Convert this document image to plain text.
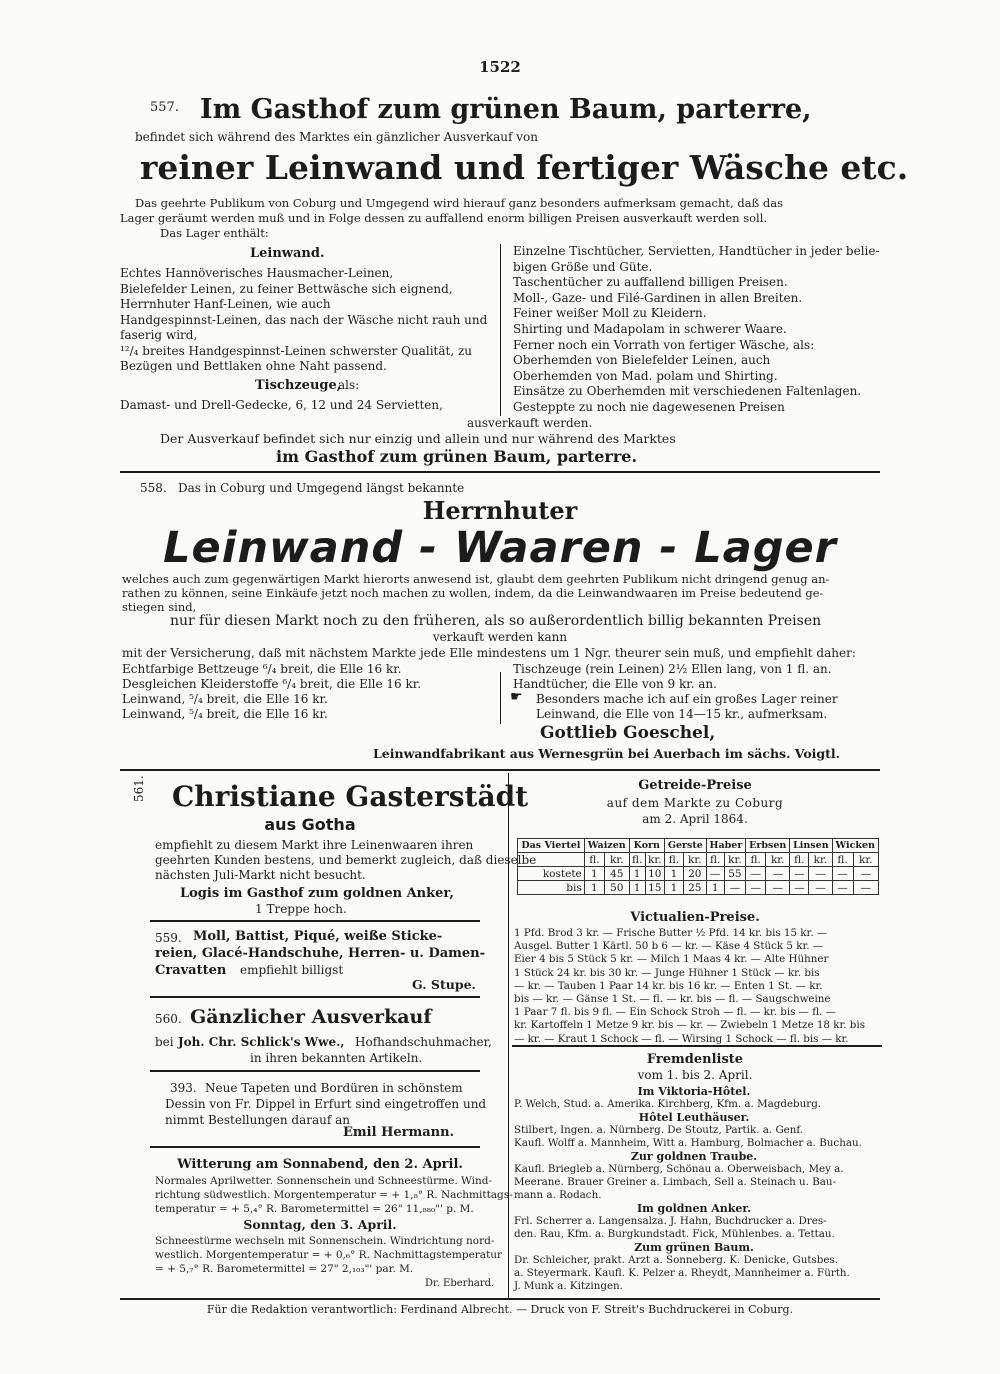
1522
557. Im Gasthof zum grünen Baum, parterre,
befindet sich während des Marktes ein gänzlicher Ausverkauf von
reiner Leinwand und fertiger Wäsche etc.
Das geehrte Publikum von Coburg und Umgegend wird hierauf ganz besonders aufmerksam gemacht, daß das
Lager geräumt werden muß und in Folge dessen zu auffallend enorm billigen Preisen ausverkauft werden soll.
Das Lager enthält:
Leinwand.
Echtes Hannöverisches Hausmacher-Leinen,
Bielefelder Leinen, zu feiner Bettwäsche sich eignend,
Herrnhuter Hanf-Leinen, wie auch
Handgespinnst-Leinen, das nach der Wäsche nicht rauh und
faserig wird,
¹²/₄ breites Handgespinnst-Leinen schwerster Qualität, zu
Bezügen und Bettlaken ohne Naht passend.
Tischzeuge,
als:
Damast- und Drell-Gedecke, 6, 12 und 24 Servietten,
Einzelne Tischtücher, Servietten, Handtücher in jeder belie-
bigen Größe und Güte.
Taschentücher zu auffallend billigen Preisen.
Moll-, Gaze- und Filé-Gardinen in allen Breiten.
Feiner weißer Moll zu Kleidern.
Shirting und Madapolam in schwerer Waare.
Ferner noch ein Vorrath von fertiger Wäsche, als:
Oberhemden von Bielefelder Leinen, auch
Oberhemden von Mad. polam und Shirting.
Einsätze zu Oberhemden mit verschiedenen Faltenlagen.
Gesteppte zu noch nie dagewesenen Preisen
ausverkauft werden.
Der Ausverkauf befindet sich nur einzig und allein und nur während des Marktes
im Gasthof zum grünen Baum, parterre.
558. Das in Coburg und Umgegend längst bekannte
Herrnhuter
Leinwand - Waaren - Lager
welches auch zum gegenwärtigen Markt hierorts anwesend ist, glaubt dem geehrten Publikum nicht dringend genug an-
rathen zu können, seine Einkäufe jetzt noch machen zu wollen, indem, da die Leinwandwaaren im Preise bedeutend ge-
stiegen sind,
nur für diesen Markt noch zu den früheren, als so außerordentlich billig bekannten Preisen
verkauft werden kann
mit der Versicherung, daß mit nächstem Markte jede Elle mindestens um 1 Ngr. theurer sein muß, und empfiehlt daher:
Echtfarbige Bettzeuge ⁶/₄ breit, die Elle 16 kr.
Desgleichen Kleiderstoffe ⁶/₄ breit, die Elle 16 kr.
Leinwand, ⁵/₄ breit, die Elle 16 kr.
Leinwand, ⁵/₄ breit, die Elle 16 kr.
Tischzeuge (rein Leinen) 2½ Ellen lang, von 1 fl. an.
Handtücher, die Elle von 9 kr. an.
☛ Besonders mache ich auf ein großes Lager reiner
Leinwand, die Elle von 14—15 kr., aufmerksam.
Gottlieb Goeschel,
Leinwandfabrikant aus Wernesgrün bei Auerbach im sächs. Voigtl.
561. Christiane Gasterstädt
aus Gotha
empfiehlt zu diesem Markt ihre Leinenwaaren ihren
geehrten Kunden bestens, und bemerkt zugleich, daß dieselbe
nächsten Juli-Markt nicht besucht.
Logis im Gasthof zum goldnen Anker,
1 Treppe hoch.
559. Moll, Battist, Piqué, weiße Sticke-
reien, Glacé-Handschuhe, Herren- u. Damen-
Cravatten empfiehlt billigst
G. Stupe.
560. Gänzlicher Ausverkauf
bei Joh. Chr. Schlick's Wwe., Hofhandschuhmacher,
in ihren bekannten Artikeln.
393. Neue Tapeten und Bordüren in schönstem
Dessin von Fr. Dippel in Erfurt sind eingetroffen und
nimmt Bestellungen darauf an
Emil Hermann.
Witterung am Sonnabend, den 2. April.
Normales Aprilwetter. Sonnenschein und Schneestürme. Wind-
richtung südwestlich. Morgentemperatur = + 1,₈° R. Nachmittags-
temperatur = + 5,₄° R. Barometermittel = 26" 11,₈₈₀"' p. M.
Sonntag, den 3. April.
Schneestürme wechseln mit Sonnenschein. Windrichtung nord-
westlich. Morgentemperatur = + 0,₆° R. Nachmittagstemperatur
= + 5,₇° R. Barometermittel = 27" 2,₁₀₃"' par. M.
Dr. Eberhard.
Getreide-Preise
auf dem Markte zu Coburg
am 2. April 1864.
Das Viertel	Waizen		Korn		Gerste		Haber		Erbsen		Linsen		Wicken	
	fl.	kr.	fl.	kr.	fl.	kr.	fl.	kr.	fl.	kr.	fl.	kr.	fl.	kr.
kostete	1	45	1	10	1	20	—	55	—	—	—	—	—	—
bis	1	50	1	15	1	25	1	—	—	—	—	—	—	—
Victualien-Preise.
1 Pfd. Brod 3 kr. — Frische Butter ½ Pfd. 14 kr. bis 15 kr. —
Ausgel. Butter 1 Kärtl. 50 b 6 — kr. — Käse 4 Stück 5 kr. —
Eier 4 bis 5 Stück 5 kr. — Milch 1 Maas 4 kr. — Alte Hühner
1 Stück 24 kr. bis 30 kr. — Junge Hühner 1 Stück — kr. bis
— kr. — Tauben 1 Paar 14 kr. bis 16 kr. — Enten 1 St. — kr.
bis — kr. — Gänse 1 St. — fl. — kr. bis — fl. — Saugschweine
1 Paar 7 fl. bis 9 fl. — Ein Schock Stroh — fl. — kr. bis — fl. —
kr. Kartoffeln 1 Metze 9 kr. bis — kr. — Zwiebeln 1 Metze 18 kr. bis
— kr. — Kraut 1 Schock — fl. — Wirsing 1 Schock — fl. bis — kr.
Fremdenliste
vom 1. bis 2. April.
Im Viktoria-Hôtel.
P. Welch, Stud. a. Amerika. Kirchberg, Kfm. a. Magdeburg.
Hôtel Leuthäuser.
Stilbert, Ingen. a. Nürnberg. De Stoutz, Partik. a. Genf.
Kaufl. Wolff a. Mannheim, Witt a. Hamburg, Bolmacher a. Buchau.
Zur goldnen Traube.
Kaufl. Briegleb a. Nürnberg, Schönau a. Oberweisbach, Mey a.
Meerane. Brauer Greiner a. Limbach, Sell a. Steinach u. Bau-
mann a. Rodach.
Im goldnen Anker.
Frl. Scherrer a. Langensalza. J. Hahn, Buchdrucker a. Dres-
den. Rau, Kfm. a. Burgkundstadt. Fick, Mühlenbes. a. Tettau.
Zum grünen Baum.
Dr. Schleicher, prakt. Arzt a. Sonneberg. K. Denicke, Gutsbes.
a. Steyermark. Kaufl. K. Pelzer a. Rheydt, Mannheimer a. Fürth.
J. Munk a. Kitzingen.
Für die Redaktion verantwortlich: Ferdinand Albrecht. — Druck von F. Streit's Buchdruckerei in Coburg.
